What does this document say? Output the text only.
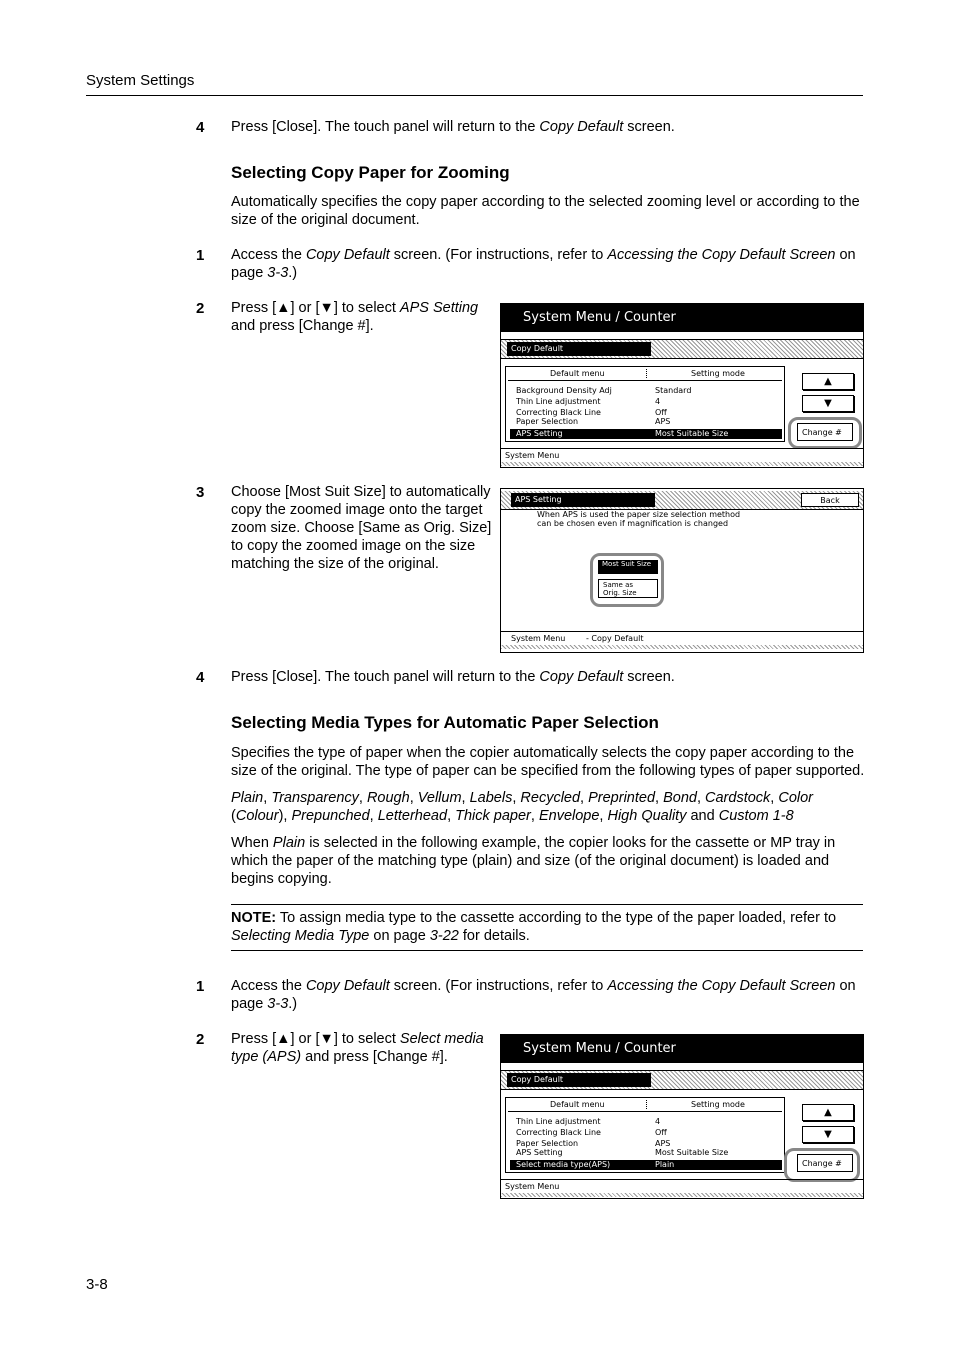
System Settings
4 Press [Close]. The touch panel will return to the Copy Default screen.
Selecting Copy Paper for Zooming
Automatically specifies the copy paper according to the selected zooming level or according to the size of the original document.
1 Access the Copy Default screen. (For instructions, refer to Accessing the Copy Default Screen on page 3-3.)
2 Press [▲] or [▼] to select APS Setting and press [Change #].
System Menu / Counter
Copy Default
Default menu	Setting mode
Background Density Adj	Standard
Thin Line adjustment	4
Correcting Black Line	Off
Paper Selection	APS
APS Setting	Most Suitable Size
▲
▼
Change #
System Menu
3 Choose [Most Suit Size] to automatically copy the zoomed image onto the target zoom size. Choose [Same as Orig. Size] to copy the zoomed image on the size matching the size of the original.
APS Setting	Back
When APS is used the paper size selection method
can be chosen even if magnification is changed
Most Suit Size
Same as
Orig. Size
System Menu	- Copy Default
4 Press [Close]. The touch panel will return to the Copy Default screen.
Selecting Media Types for Automatic Paper Selection
Specifies the type of paper when the copier automatically selects the copy paper according to the size of the original. The type of paper can be specified from the following types of paper supported.
Plain, Transparency, Rough, Vellum, Labels, Recycled, Preprinted, Bond, Cardstock, Color (Colour), Prepunched, Letterhead, Thick paper, Envelope, High Quality and Custom 1-8
When Plain is selected in the following example, the copier looks for the cassette or MP tray in which the paper of the matching type (plain) and size (of the original document) is loaded and begins copying.
NOTE: To assign media type to the cassette according to the type of the paper loaded, refer to Selecting Media Type on page 3-22 for details.
1 Access the Copy Default screen. (For instructions, refer to Accessing the Copy Default Screen on page 3-3.)
2 Press [▲] or [▼] to select Select media type (APS) and press [Change #].
System Menu / Counter
Copy Default
Default menu	Setting mode
Thin Line adjustment	4
Correcting Black Line	Off
Paper Selection	APS
APS Setting	Most Suitable Size
Select media type(APS)	Plain
▲
▼
Change #
System Menu
3-8
